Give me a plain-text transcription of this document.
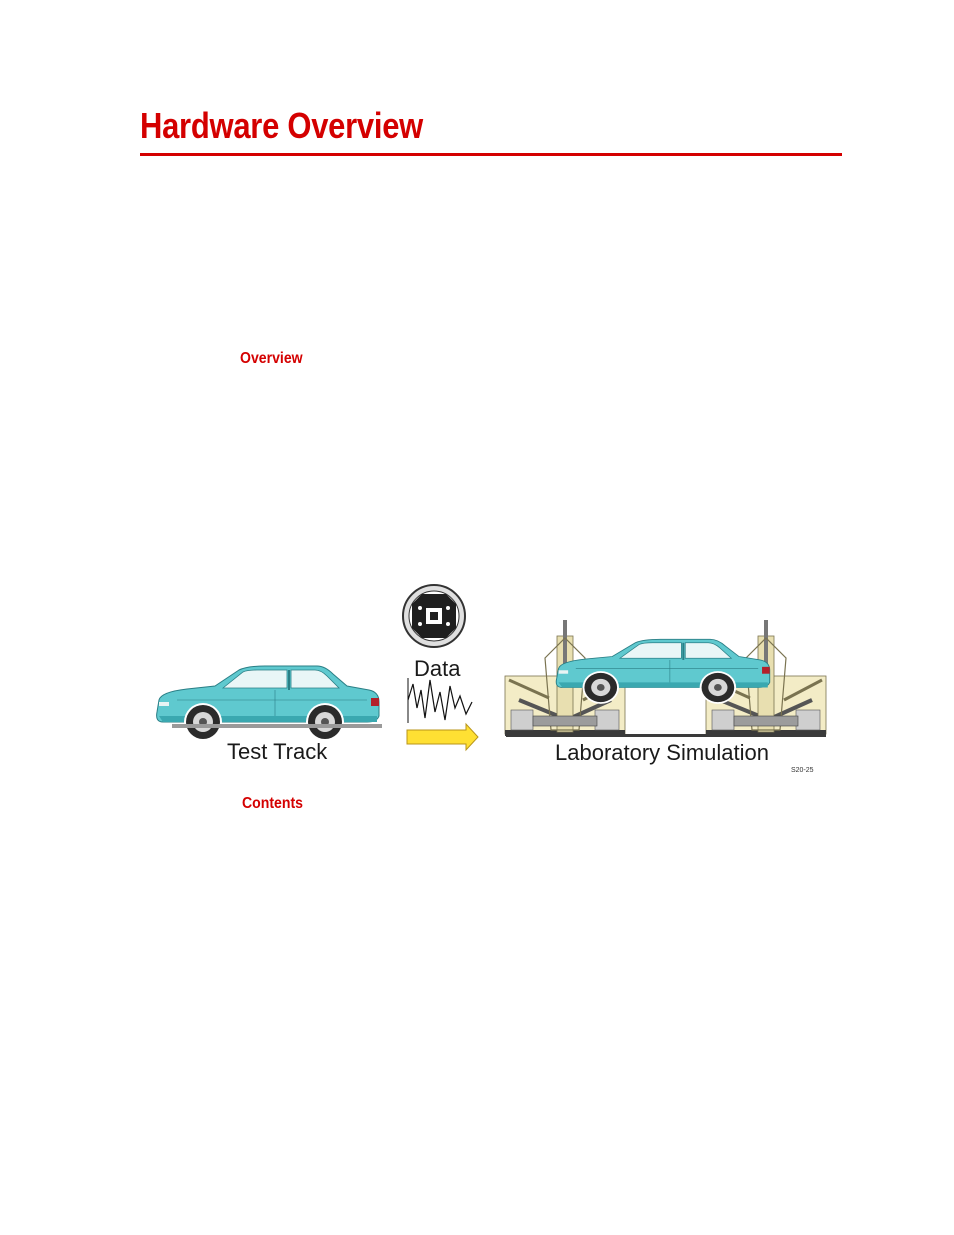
Hardware Overview
Overview
Contents
Test Track
Data
Laboratory Simulation
S20-25
